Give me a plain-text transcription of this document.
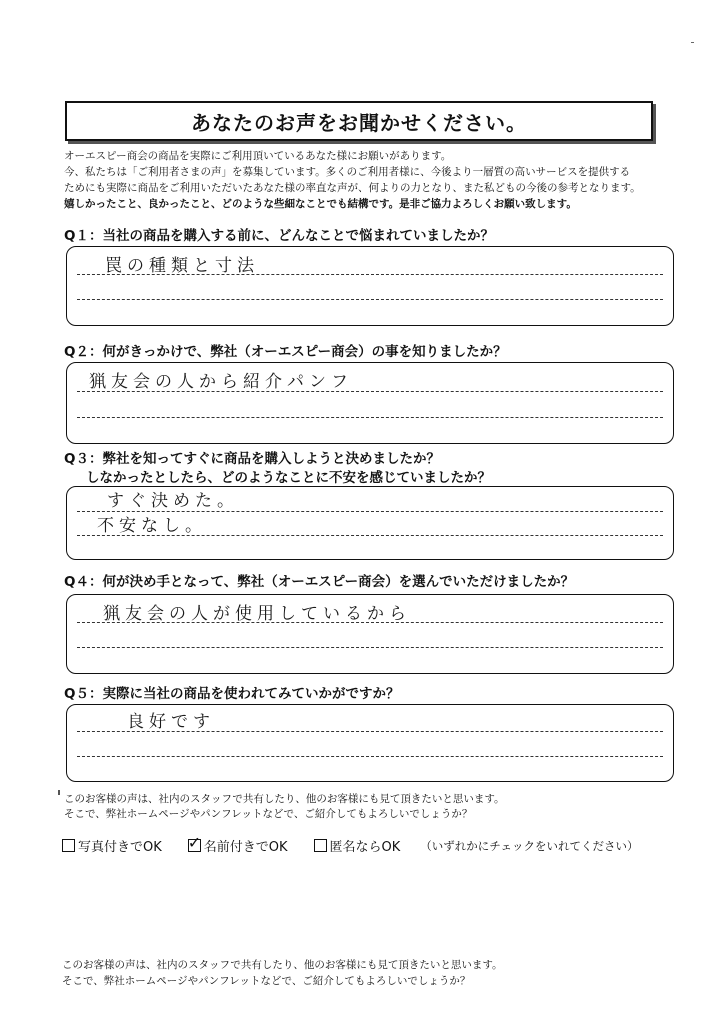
あなたのお声をお聞かせください。
オーエスピー商会の商品を実際にご利用頂いているあなた様にお願いがあります。
今、私たちは「ご利用者さまの声」を募集しています。多くのご利用者様に、今後より一層質の高いサービスを提供する
ためにも実際に商品をご利用いただいたあなた様の率直な声が、何よりの力となり、また私どもの今後の参考となります。
嬉しかったこと、良かったこと、どのような些細なことでも結構です。是非ご協力よろしくお願い致します。
Q１：当社の商品を購入する前に、どんなことで悩まれていましたか？
罠の種類と寸法
Q２：何がきっかけで、弊社（オーエスピー商会）の事を知りましたか？
猟友会の人から紹介パンフ
Q３：弊社を知ってすぐに商品を購入しようと決めましたか？
しなかったとしたら、どのようなことに不安を感じていましたか？
すぐ決めた。
不安なし。
Q４：何が決め手となって、弊社（オーエスピー商会）を選んでいただけましたか？
猟友会の人が使用しているから
Q５：実際に当社の商品を使われてみていかがですか？
良好です
このお客様の声は、社内のスタッフで共有したり、他のお客様にも見て頂きたいと思います。
そこで、弊社ホームページやパンフレットなどで、ご紹介してもよろしいでしょうか？
写真付きでOK ✓ 名前付きでOK	匿名ならOK （いずれかにチェックをいれてください）
このお客様の声は、社内のスタッフで共有したり、他のお客様にも見て頂きたいと思います。
そこで、弊社ホームページやパンフレットなどで、ご紹介してもよろしいでしょうか？
